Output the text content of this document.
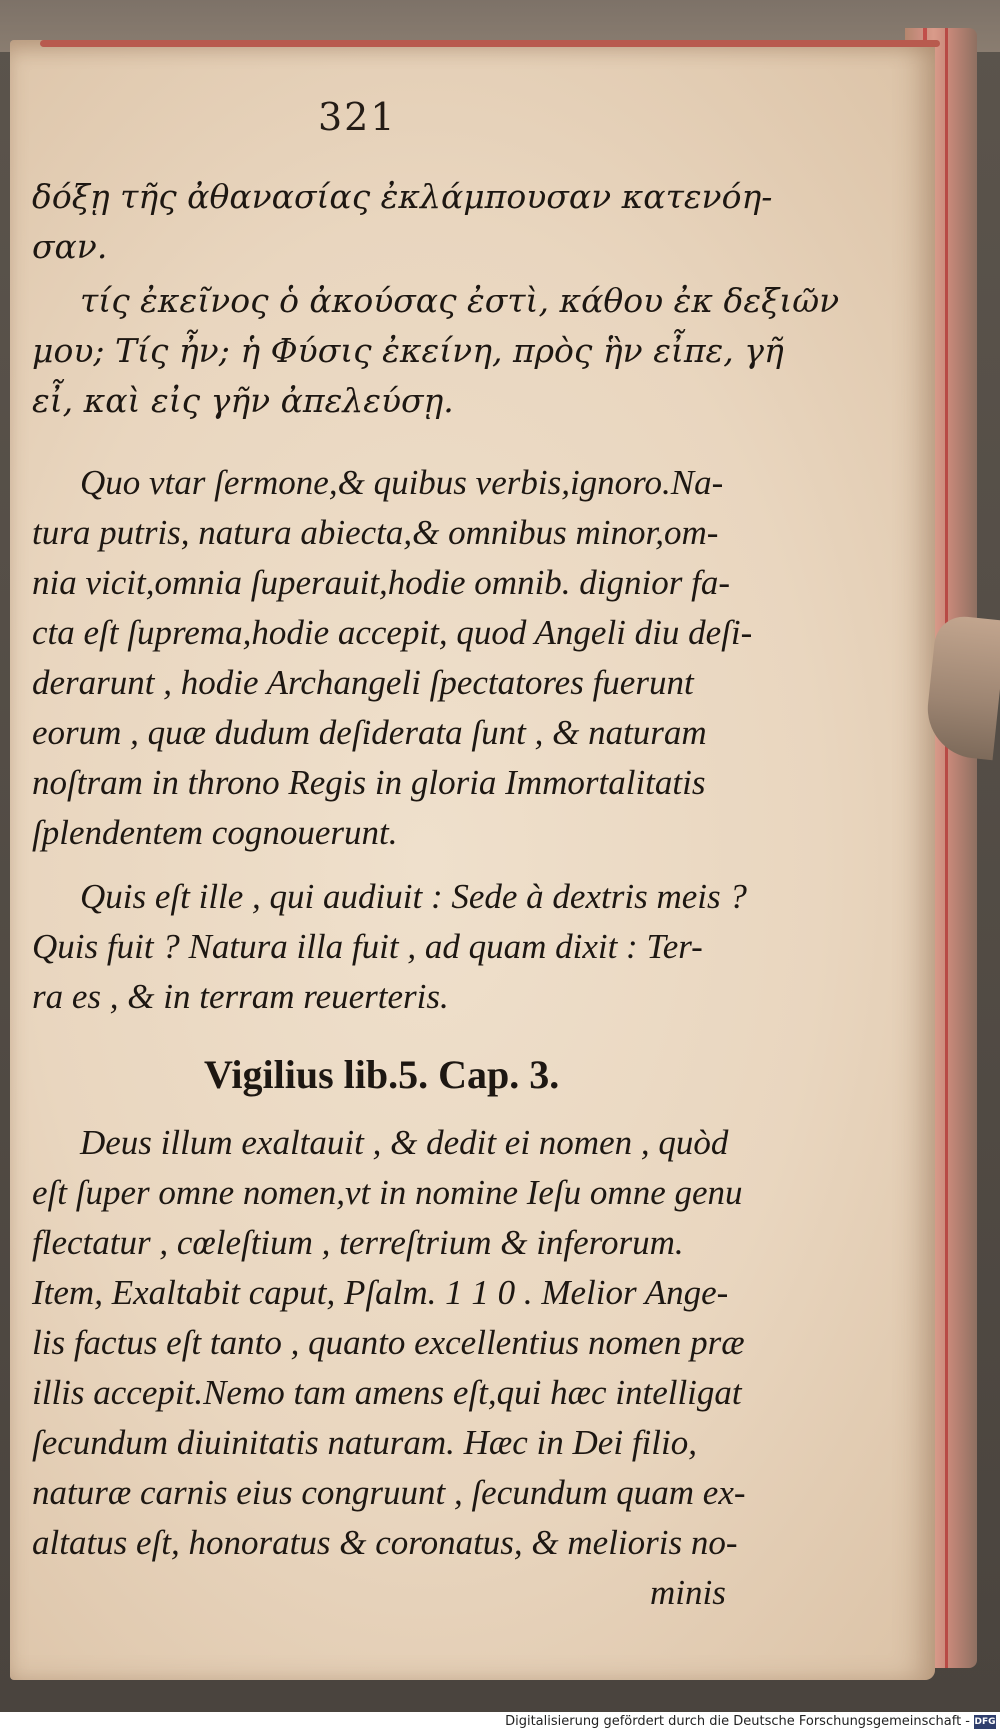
321

δόξῃ τῆς ἀθανασίας ἐκλάμπουσαν κατενόη-
σαν.

τίς ἐκεῖνος ὁ ἀκούσας ἐστὶ, κάθου ἐκ δεξιῶν
μου; Τίς ἦν; ἡ Φύσις ἐκείνη, πρὸς ἣν εἶπε, γῆ
εἶ, καὶ εἰς γῆν ἀπελεύσῃ.

Quo vtar ſermone,& quibus verbis,ignoro.Na-
tura putris, natura abiecta,& omnibus minor,om-
nia vicit,omnia ſuperauit,hodie omnib. dignior fa-
cta eſt ſuprema,hodie accepit, quod Angeli diu deſi-
derarunt , hodie Archangeli ſpectatores fuerunt
eorum , quæ dudum deſiderata ſunt , & naturam
noſtram in throno Regis in gloria Immortalitatis
ſplendentem cognouerunt.

Quis eſt ille , qui audiuit : Sede à dextris meis ?
Quis fuit ? Natura illa fuit , ad quam dixit : Ter-
ra es , & in terram reuerteris.

Vigilius lib.5. Cap. 3.

Deus illum exaltauit , & dedit ei nomen , quòd
eſt ſuper omne nomen,vt in nomine Ieſu omne genu
flectatur , cœleſtium , terreſtrium & inferorum.
Item, Exaltabit caput, Pſalm. 1 1 0 . Melior Ange-
lis factus eſt tanto , quanto excellentius nomen præ
illis accepit.Nemo tam amens eſt,qui hæc intelligat
ſecundum diuinitatis naturam. Hæc in Dei filio,
naturæ carnis eius congruunt , ſecundum quam ex-
altatus eſt, honoratus & coronatus, & melioris no-
minis

Digitalisierung gefördert durch die Deutsche Forschungsgemeinschaft - DFG
